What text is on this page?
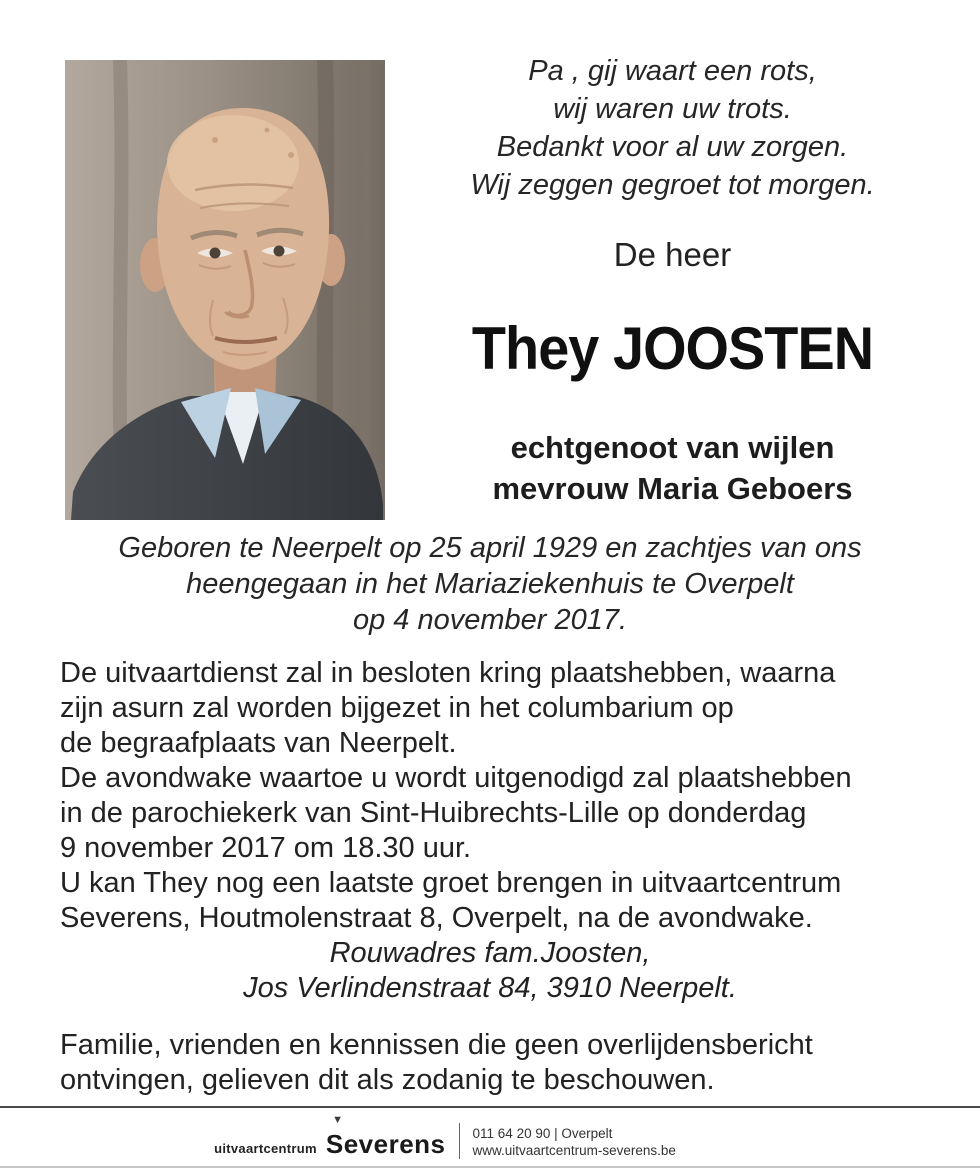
Pa , gij waart een rots,
wij waren uw trots.
Bedankt voor al uw zorgen.
Wij zeggen gegroet tot morgen.
De heer
They JOOSTEN
echtgenoot van wijlen
mevrouw Maria Geboers
Geboren te Neerpelt op 25 april 1929 en zachtjes van ons
heengegaan in het Mariaziekenhuis te Overpelt
op 4 november 2017.
De uitvaartdienst zal in besloten kring plaatshebben, waarna
zijn asurn zal worden bijgezet in het columbarium op
de begraafplaats van Neerpelt.
De avondwake waartoe u wordt uitgenodigd zal plaatshebben
in de parochiekerk van Sint-Huibrechts-Lille op donderdag
9 november 2017 om 18.30 uur.
U kan They nog een laatste groet brengen in uitvaartcentrum
Severens, Houtmolenstraat 8, Overpelt, na de avondwake.
Rouwadres fam.Joosten,
Jos Verlindenstraat 84, 3910 Neerpelt.
Familie, vrienden en kennissen die geen overlijdensbericht
ontvingen, gelieven dit als zodanig te beschouwen.
▼
uitvaartcentrum Severens 011 64 20 90 | Overpelt
www.uitvaartcentrum-severens.be
